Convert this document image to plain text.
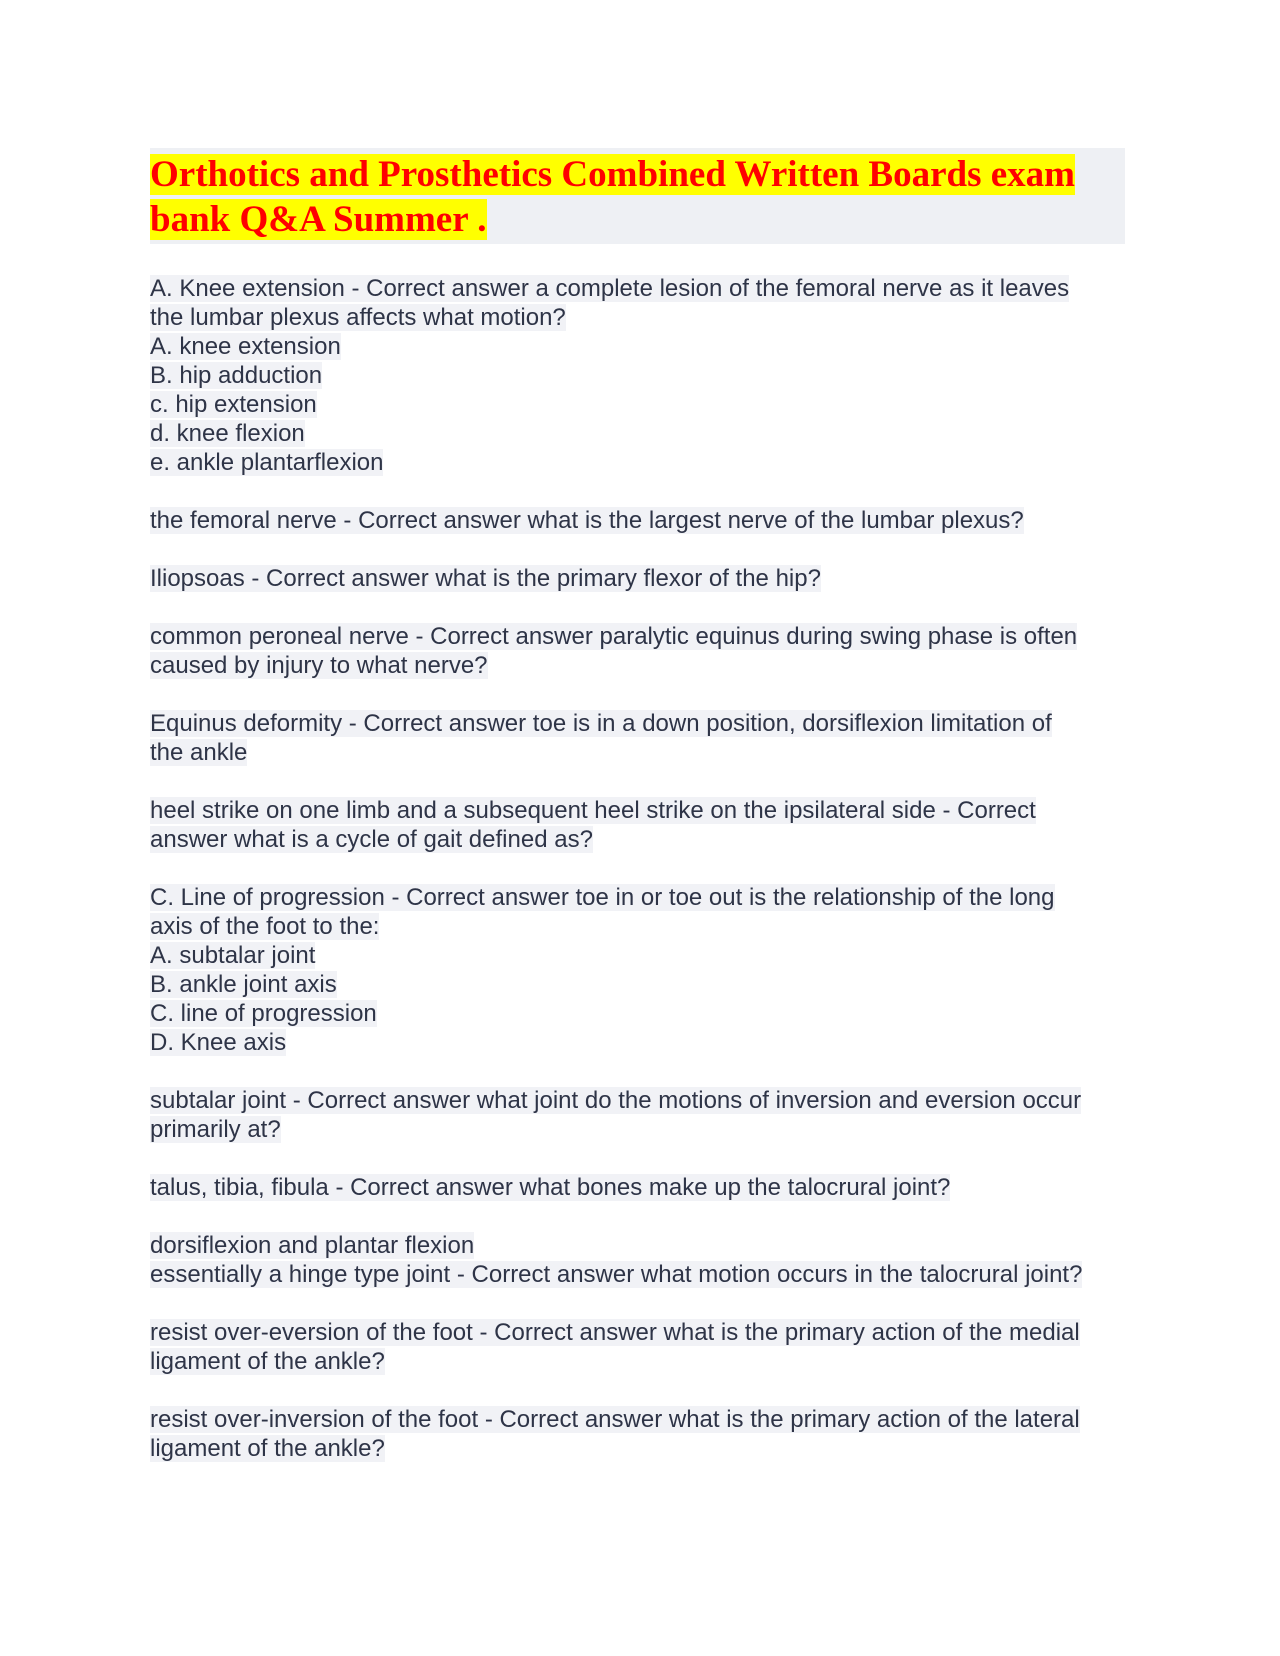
Orthotics and Prosthetics Combined Written Boards exam bank Q&A Summer .
A. Knee extension - Correct answer a complete lesion of the femoral nerve as it leaves
the lumbar plexus affects what motion?
A. knee extension
B. hip adduction
c. hip extension
d. knee flexion
e. ankle plantarflexion
the femoral nerve - Correct answer what is the largest nerve of the lumbar plexus?
Iliopsoas - Correct answer what is the primary flexor of the hip?
common peroneal nerve - Correct answer paralytic equinus during swing phase is often
caused by injury to what nerve?
Equinus deformity - Correct answer toe is in a down position, dorsiflexion limitation of
the ankle
heel strike on one limb and a subsequent heel strike on the ipsilateral side - Correct
answer what is a cycle of gait defined as?
C. Line of progression - Correct answer toe in or toe out is the relationship of the long
axis of the foot to the:
A. subtalar joint
B. ankle joint axis
C. line of progression
D. Knee axis
subtalar joint - Correct answer what joint do the motions of inversion and eversion occur
primarily at?
talus, tibia, fibula - Correct answer what bones make up the talocrural joint?
dorsiflexion and plantar flexion
essentially a hinge type joint - Correct answer what motion occurs in the talocrural joint?
resist over-eversion of the foot - Correct answer what is the primary action of the medial
ligament of the ankle?
resist over-inversion of the foot - Correct answer what is the primary action of the lateral
ligament of the ankle?
